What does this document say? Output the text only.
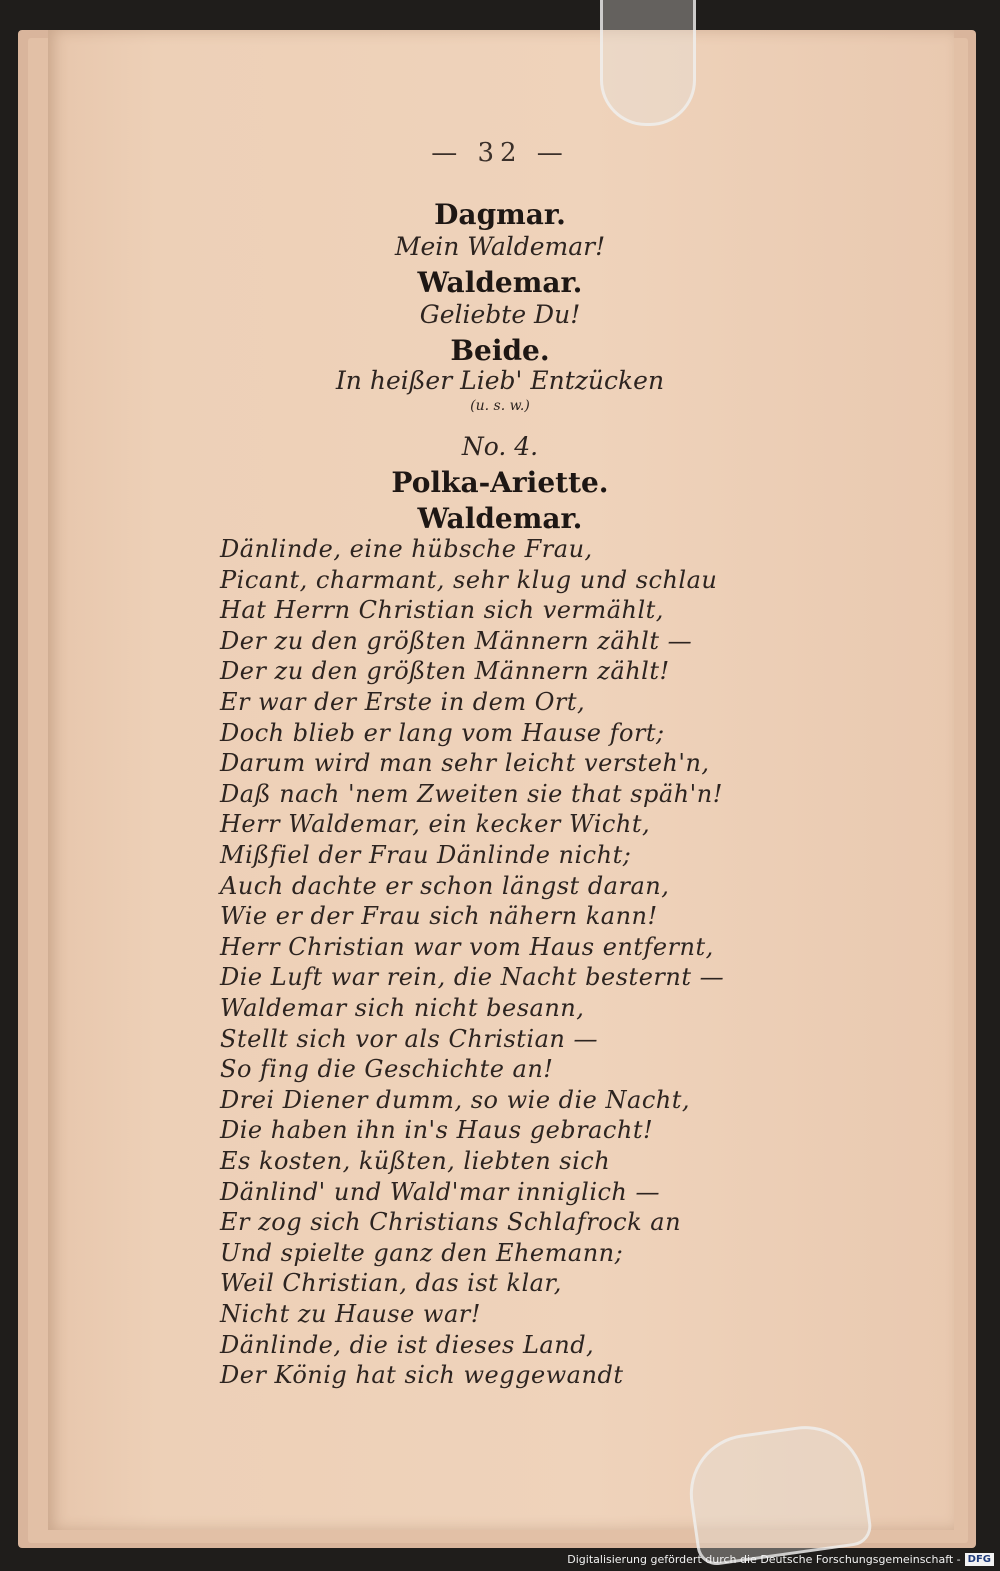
— 32 —
Dagmar.
Mein Waldemar!
Waldemar.
Geliebte Du!
Beide.
In heißer Lieb' Entzücken
(u. s. w.)
No. 4.
Polka-Ariette.
Waldemar.
Dänlinde, eine hübsche Frau,
Picant, charmant, sehr klug und schlau
Hat Herrn Christian sich vermählt,
Der zu den größten Männern zählt —
Der zu den größten Männern zählt!
Er war der Erste in dem Ort,
Doch blieb er lang vom Hause fort;
Darum wird man sehr leicht versteh'n,
Daß nach 'nem Zweiten sie that späh'n!
Herr Waldemar, ein kecker Wicht,
Mißfiel der Frau Dänlinde nicht;
Auch dachte er schon längst daran,
Wie er der Frau sich nähern kann!
Herr Christian war vom Haus entfernt,
Die Luft war rein, die Nacht besternt —
Waldemar sich nicht besann,
Stellt sich vor als Christian —
So fing die Geschichte an!
Drei Diener dumm, so wie die Nacht,
Die haben ihn in's Haus gebracht!
Es kosten, küßten, liebten sich
Dänlind' und Wald'mar inniglich —
Er zog sich Christians Schlafrock an
Und spielte ganz den Ehemann;
Weil Christian, das ist klar,
Nicht zu Hause war!
Dänlinde, die ist dieses Land,
Der König hat sich weggewandt
Digitalisierung gefördert durch die Deutsche Forschungsgemeinschaft - DFG
